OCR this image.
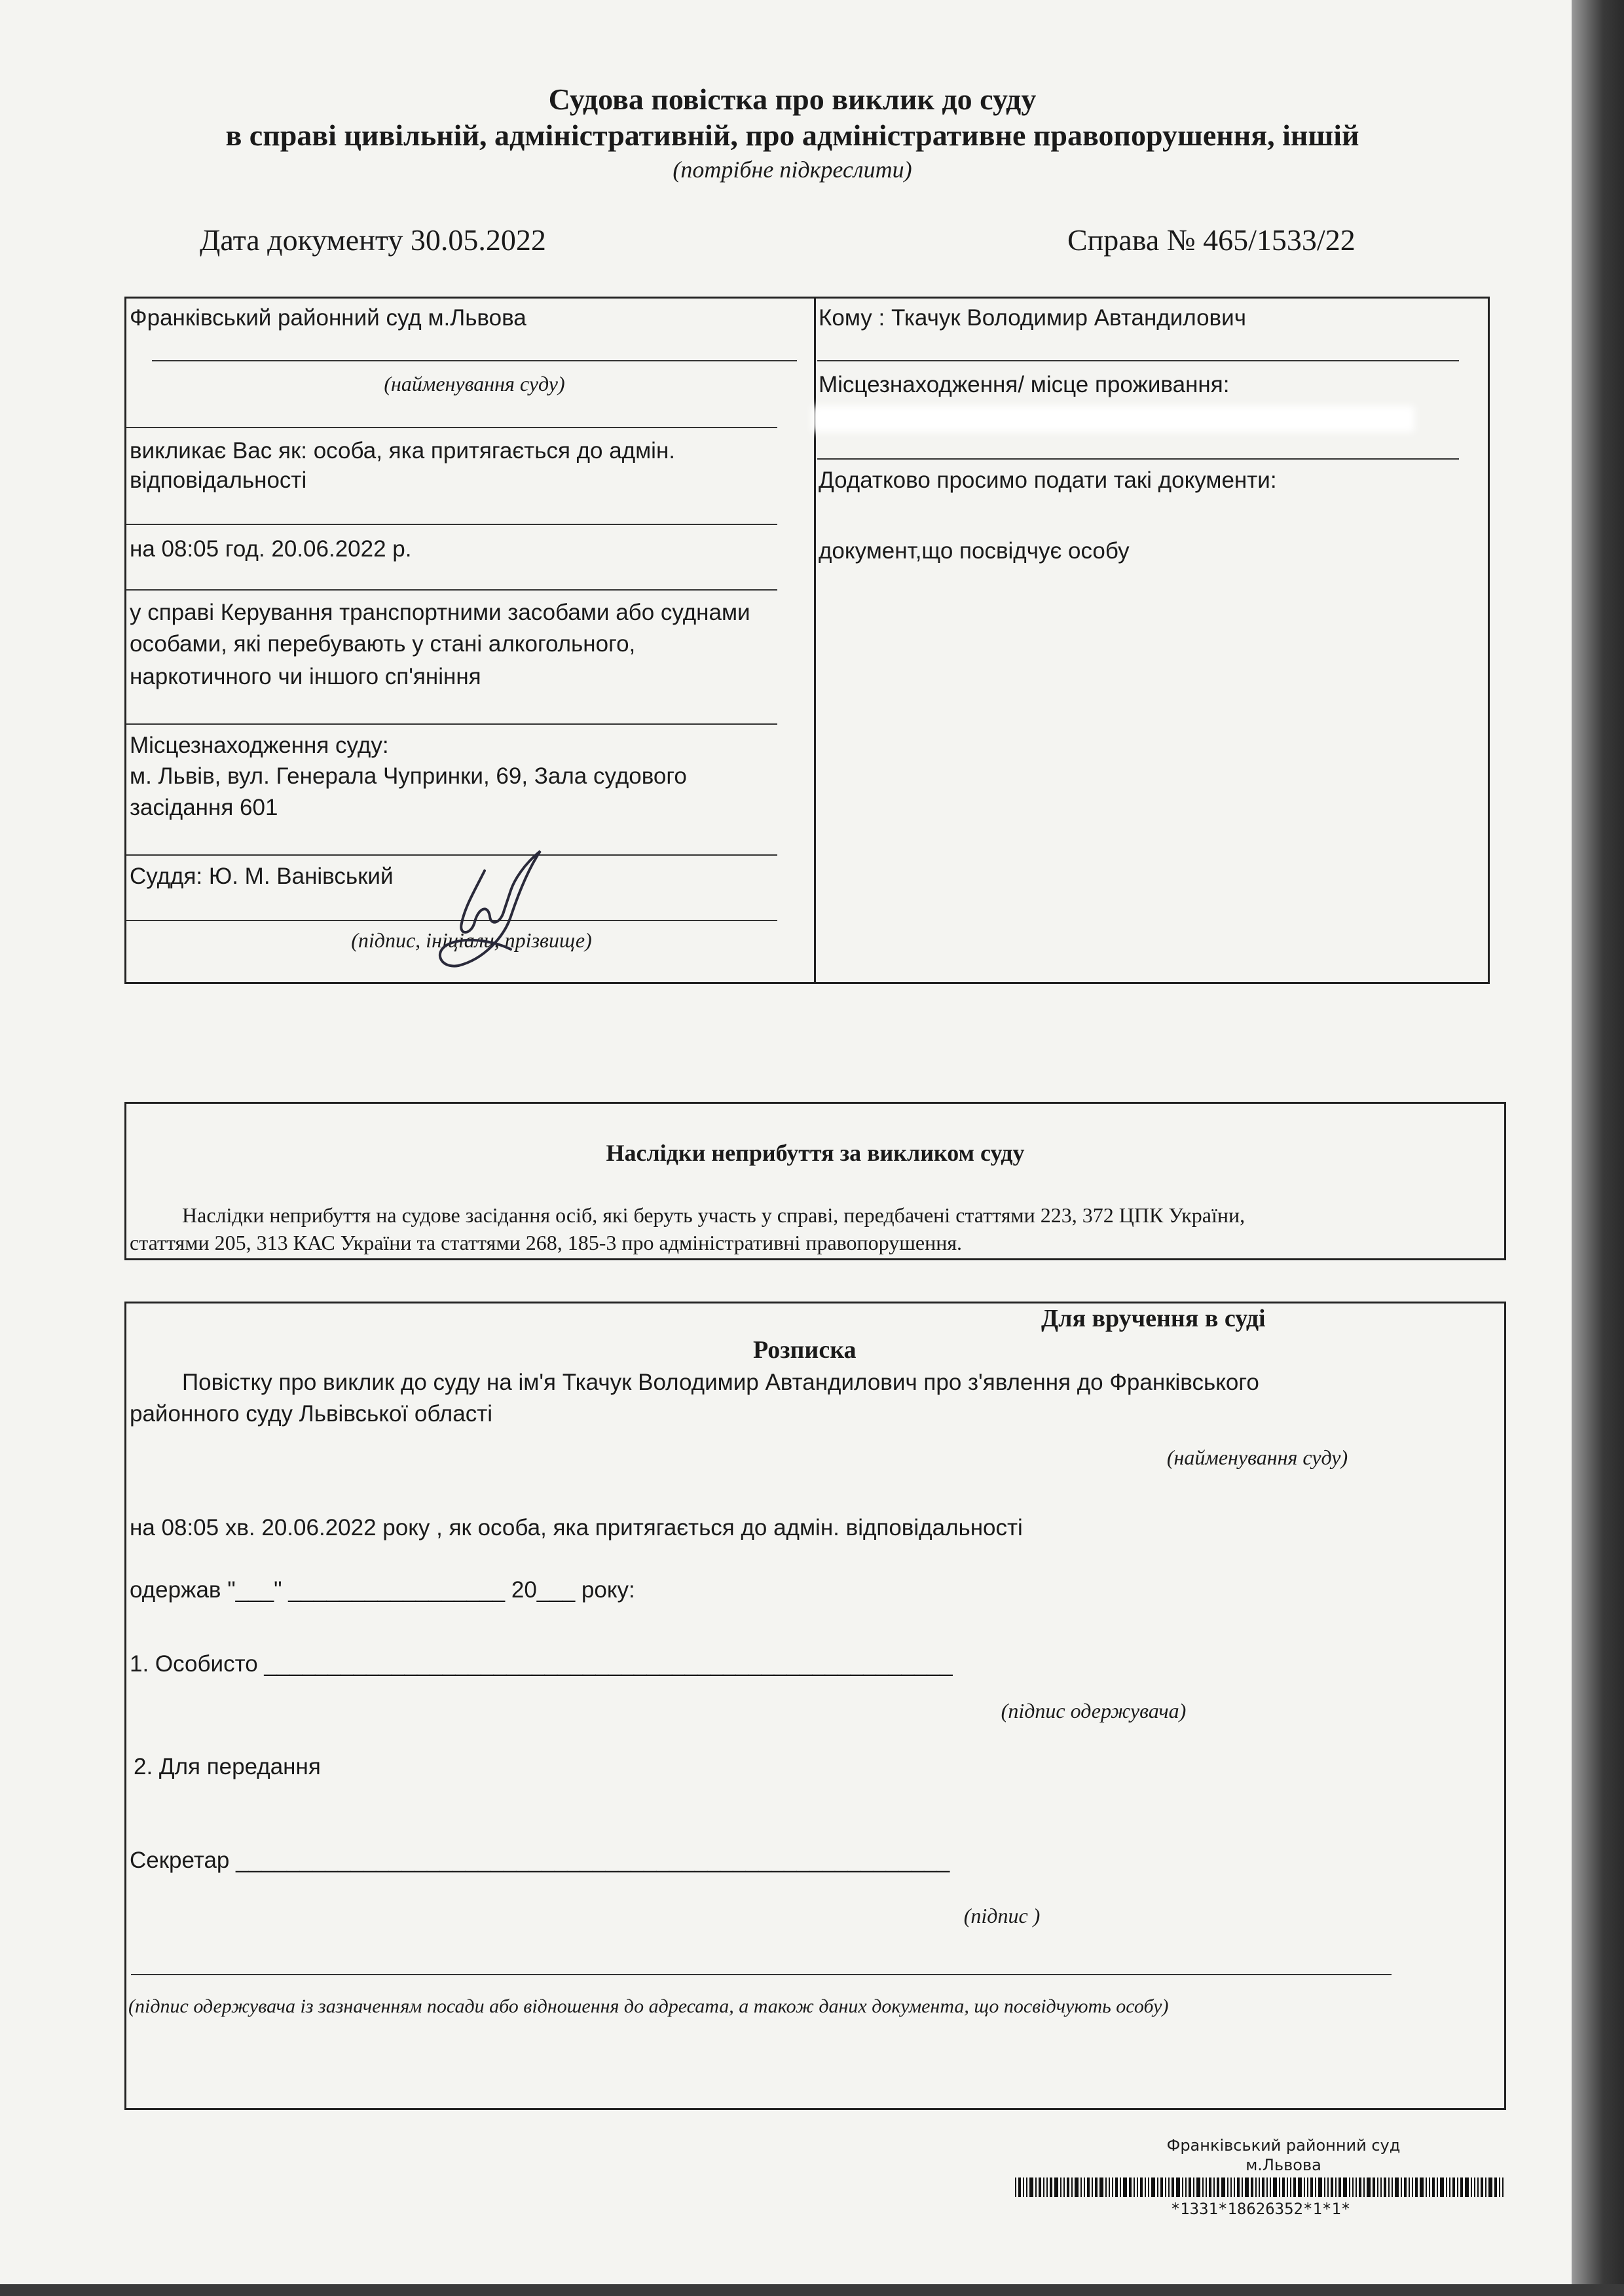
Судова повістка про виклик до суду
в справі цивільній, адміністративній, про адміністративне правопорушення, іншій
(потрібне підкреслити)
Дата документу 30.05.2022	Справа № 465/1533/22
Франківський районний суд м.Львова
(найменування суду)
викликає Вас як: особа, яка притягається до адмін.
відповідальності
на 08:05 год. 20.06.2022 р.
у справі Керування транспортними засобами або суднами
особами, які перебувають у стані алкогольного,
наркотичного чи іншого сп'яніння
Місцезнаходження суду:
м. Львів, вул. Генерала Чупринки, 69, Зала судового
засідання 601
Суддя: Ю. М. Ванівський
(підпис, ініціали, прізвище)
Кому : Ткачук Володимир Автандилович
Місцезнаходження/ місце проживання:
Додатково просимо подати такі документи:
документ,що посвідчує особу
Наслідки неприбуття за викликом суду
Наслідки неприбуття на судове засідання осіб, які беруть участь у справі, передбачені статтями 223, 372 ЦПК України,
статтями 205, 313 КАС України та статтями 268, 185-3 про адміністративні правопорушення.
Для вручення в суді
Розписка
Повістку про виклик до суду на ім'я Ткачук Володимир Автандилович про з'явлення до Франківського
районного суду Львівської області
(найменування суду)
на 08:05 хв. 20.06.2022 року , як особа, яка притягається до адмін. відповідальності
одержав "___" _________________ 20___ року:
1. Особисто ______________________________________________________
(підпис одержувача)
2. Для передання
Секретар ________________________________________________________
(підпис )
(підпис одержувача із зазначенням посади або відношення до адресата, а також даних документа, що посвідчують особу)
Франківський районний суд
м.Львова
*1331*18626352*1*1*
